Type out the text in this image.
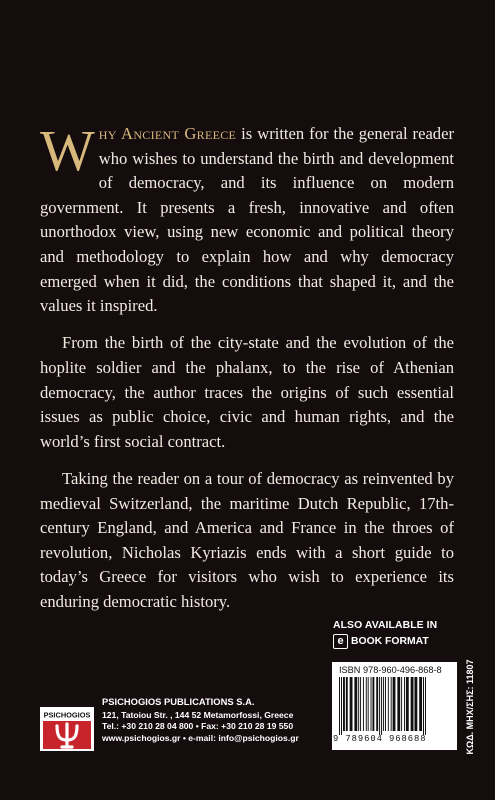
Why Ancient Greece is written for the general reader who wishes to understand the birth and development of democracy, and its influence on modern government. It presents a fresh, innovative and often unorthodox view, using new economic and political theory and methodology to explain how and why democracy emerged when it did, the conditions that shaped it, and the values it inspired.

From the birth of the city-state and the evolution of the hoplite soldier and the phalanx, to the rise of Athenian democracy, the author traces the origins of such essential issues as public choice, civic and human rights, and the world’s first social contract.

Taking the reader on a tour of democracy as reinvented by medieval Switzerland, the maritime Dutch Republic, 17th-century England, and America and France in the throes of revolution, Nicholas Kyriazis ends with a short guide to today’s Greece for visitors who wish to experience its enduring democratic history.

ALSO AVAILABLE IN
e BOOK FORMAT
ISBN 978-960-496-868-8
9 789604 968688	ΚΩΔ. ΜΗΧ/ΣΗΣ: 11807
PSICHOGIOS
PSICHOGIOS PUBLICATIONS S.A.
121, Tatoiou Str. , 144 52 Metamorfossi, Greece
Tel.: +30 210 28 04 800 • Fax: +30 210 28 19 550
www.psichogios.gr • e-mail: info@psichogios.gr
